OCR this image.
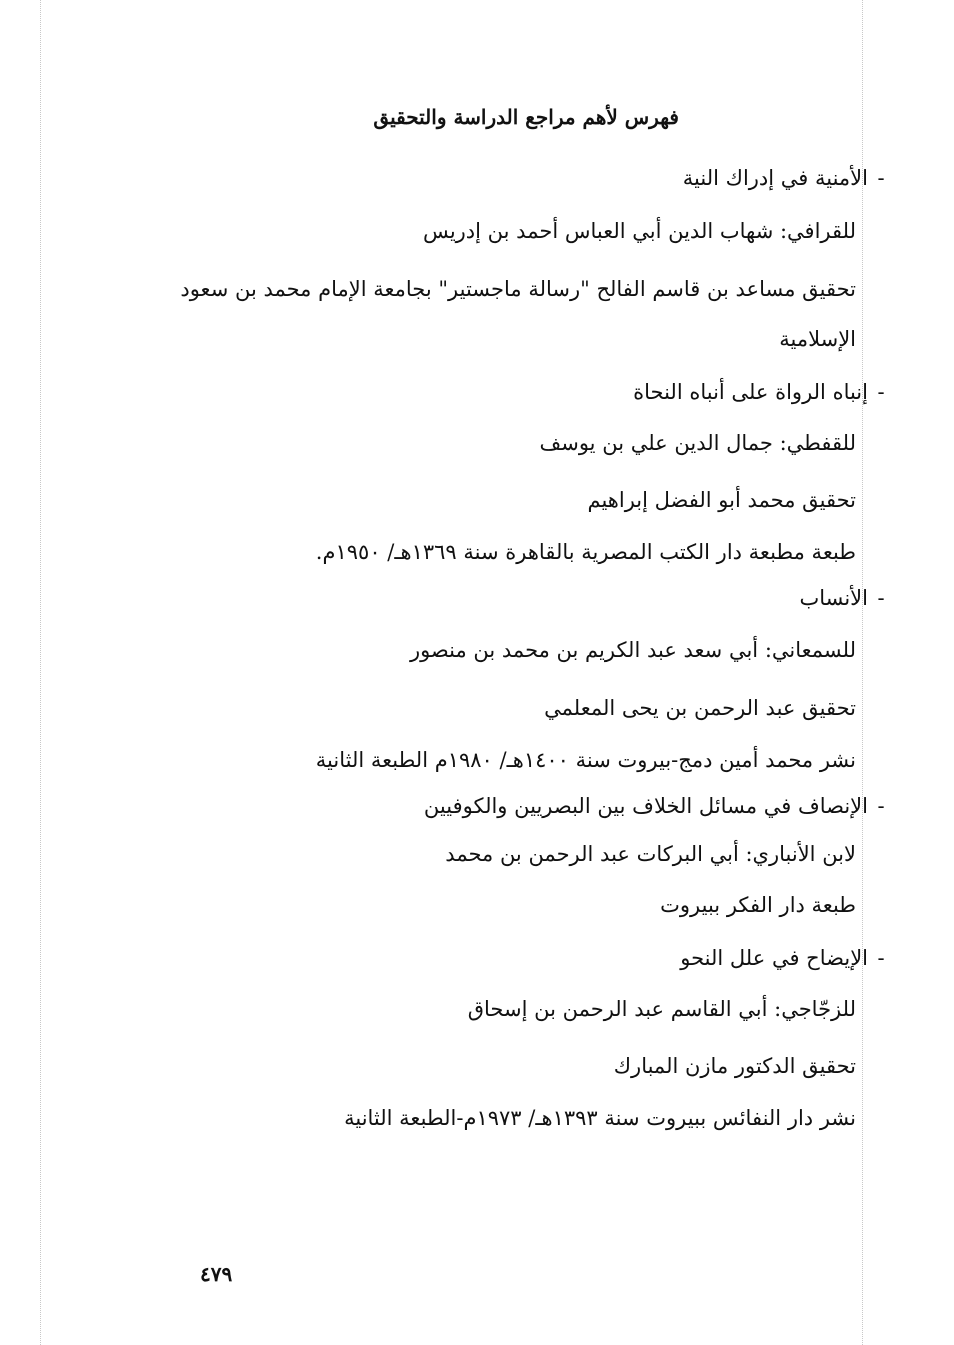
فهرس لأهم مراجع الدراسة والتحقيق
-الأمنية في إدراك النية
للقرافي: شهاب الدين أبي العباس أحمد بن إدريس
تحقيق مساعد بن قاسم الفالح "رسالة ماجستير" بجامعة الإمام محمد بن سعود الإسلامية
-إنباه الرواة على أنباه النحاة
للقفطي: جمال الدين علي بن يوسف
تحقيق محمد أبو الفضل إبراهيم
طبعة مطبعة دار الكتب المصرية بالقاهرة سنة ١٣٦٩هـ/ ١٩٥٠م.
-الأنساب
للسمعاني: أبي سعد عبد الكريم بن محمد بن منصور
تحقيق عبد الرحمن بن يحى المعلمي
نشر محمد أمين دمج-بيروت سنة ١٤٠٠هـ/ ١٩٨٠م الطبعة الثانية
-الإنصاف في مسائل الخلاف بين البصريين والكوفيين
لابن الأنباري: أبي البركات عبد الرحمن بن محمد
طبعة دار الفكر ببيروت
-الإيضاح في علل النحو
للزجّاجي: أبي القاسم عبد الرحمن بن إسحاق
تحقيق الدكتور مازن المبارك
نشر دار النفائس ببيروت سنة ١٣٩٣هـ/ ١٩٧٣م-الطبعة الثانية
٤٧٩
